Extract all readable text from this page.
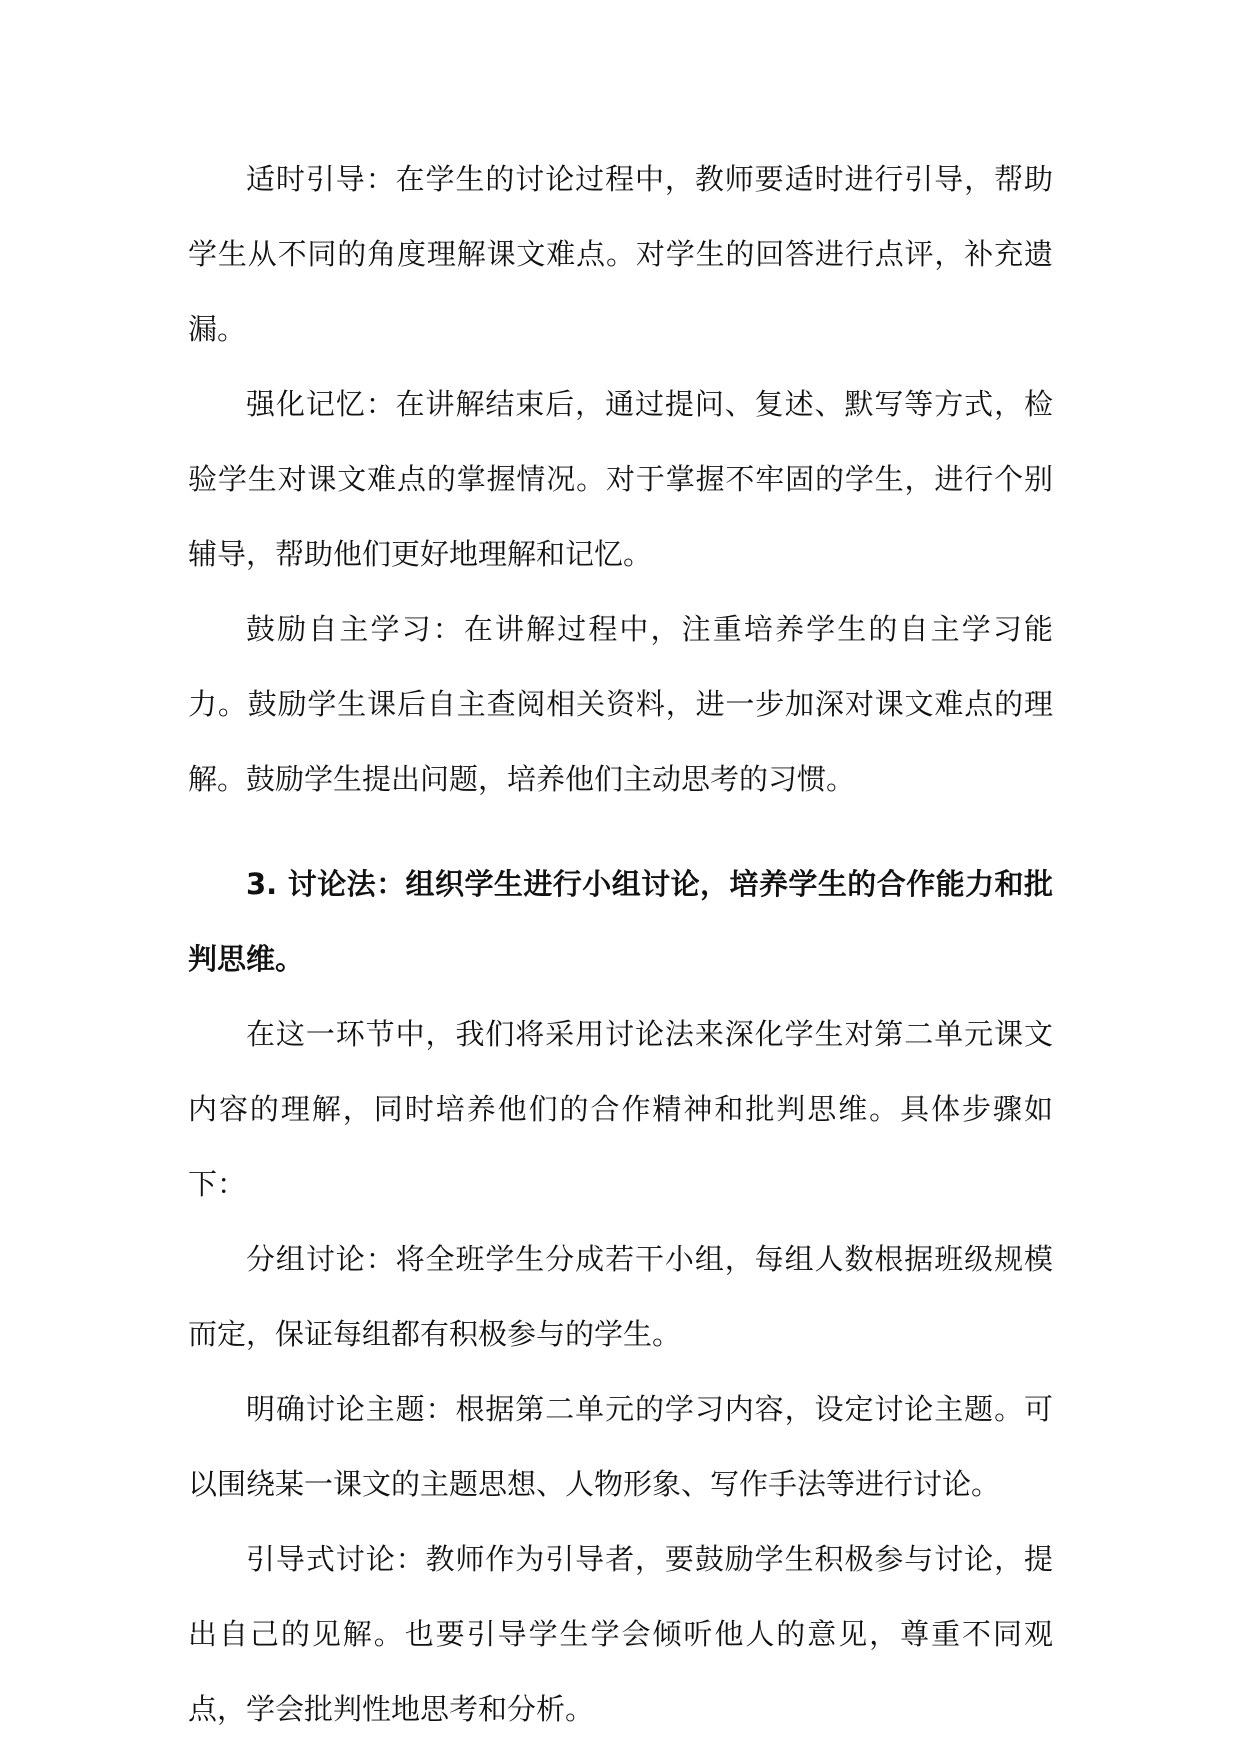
适时引导：在学生的讨论过程中，教师要适时进行引导，帮助学生从不同的角度理解课文难点。对学生的回答进行点评，补充遗漏。

强化记忆：在讲解结束后，通过提问、复述、默写等方式，检验学生对课文难点的掌握情况。对于掌握不牢固的学生，进行个别辅导，帮助他们更好地理解和记忆。

鼓励自主学习：在讲解过程中，注重培养学生的自主学习能力。鼓励学生课后自主查阅相关资料，进一步加深对课文难点的理解。鼓励学生提出问题，培养他们主动思考的习惯。

3. 讨论法：组织学生进行小组讨论，培养学生的合作能力和批判思维。

在这一环节中，我们将采用讨论法来深化学生对第二单元课文内容的理解，同时培养他们的合作精神和批判思维。具体步骤如下：

分组讨论：将全班学生分成若干小组，每组人数根据班级规模而定，保证每组都有积极参与的学生。

明确讨论主题：根据第二单元的学习内容，设定讨论主题。可以围绕某一课文的主题思想、人物形象、写作手法等进行讨论。

引导式讨论：教师作为引导者，要鼓励学生积极参与讨论，提出自己的见解。也要引导学生学会倾听他人的意见，尊重不同观点，学会批判性地思考和分析。
